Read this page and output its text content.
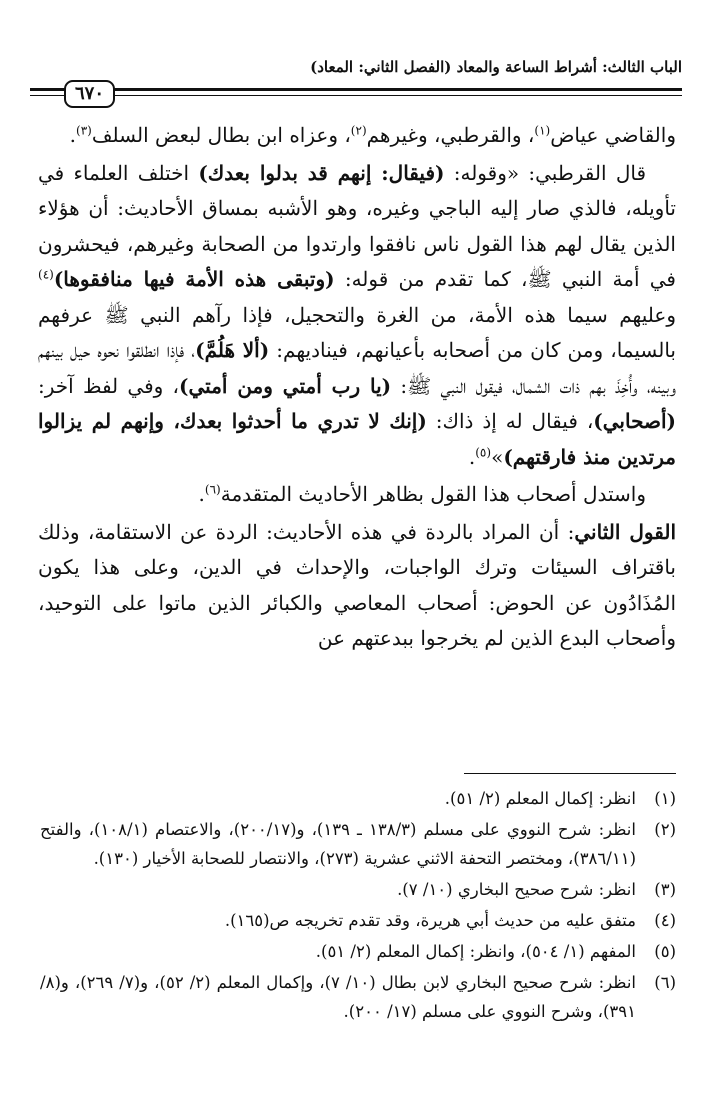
الباب الثالث: أشراط الساعة والمعاد (الفصل الثاني: المعاد)
٦٧٠

والقاضي عياض$^{(١)}$، والقرطبي، وغيرهم$^{(٢)}$، وعزاه ابن بطال لبعض السلف$^{(٣)}$.

قال القرطبي: «وقوله: (فيقال: إنهم قد بدلوا بعدك) اختلف العلماء في تأويله، فالذي صار إليه الباجي وغيره، وهو الأشبه بمساق الأحاديث: أن هؤلاء الذين يقال لهم هذا القول ناس نافقوا وارتدوا من الصحابة وغيرهم، فيحشرون في أمة النبي ﷺ، كما تقدم من قوله: (وتبقى هذه الأمة فيها منافقوها)$^{(٤)}$ وعليهم سيما هذه الأمة، من الغرة والتحجيل، فإذا رآهم النبي ﷺ عرفهم بالسيما، ومن كان من أصحابه بأعيانهم، فيناديهم: (ألا هَلُمَّ)، فإذا انطلقوا نحوه حيل بينهم وبينه، وأُخِذَ بهم ذات الشمال، فيقول النبي ﷺ: (يا رب أمتي ومن أمتي)، وفي لفظ آخر: (أصحابي)، فيقال له إذ ذاك: (إنك لا تدري ما أحدثوا بعدك، وإنهم لم يزالوا مرتدين منذ فارقتهم)»$^{(٥)}$.

واستدل أصحاب هذا القول بظاهر الأحاديث المتقدمة$^{(٦)}$.

القول الثاني: أن المراد بالردة في هذه الأحاديث: الردة عن الاستقامة، وذلك باقتراف السيئات وترك الواجبات، والإحداث في الدين، وعلى هذا يكون المُذَادُون عن الحوض: أصحاب المعاصي والكبائر الذين ماتوا على التوحيد، وأصحاب البدع الذين لم يخرجوا ببدعتهم عن

(١)
انظر: إكمال المعلم (٢/ ٥١).

(٢)
انظر: شرح النووي على مسلم (١٣٨/٣ ـ ١٣٩)، و(٢٠٠/١٧)، والاعتصام (١٠٨/١)، والفتح (٣٨٦/١١)، ومختصر التحفة الاثني عشرية (٢٧٣)، والانتصار للصحابة الأخيار (١٣٠).

(٣)
انظر: شرح صحيح البخاري (١٠/ ٧).

(٤)
متفق عليه من حديث أبي هريرة، وقد تقدم تخريجه ص(١٦٥).

(٥)
المفهم (١/ ٥٠٤)، وانظر: إكمال المعلم (٢/ ٥١).

(٦)
انظر: شرح صحيح البخاري لابن بطال (١٠/ ٧)، وإكمال المعلم (٢/ ٥٢)، و(٧/ ٢٦٩)، و(٨/ ٣٩١)، وشرح النووي على مسلم (١٧/ ٢٠٠).
